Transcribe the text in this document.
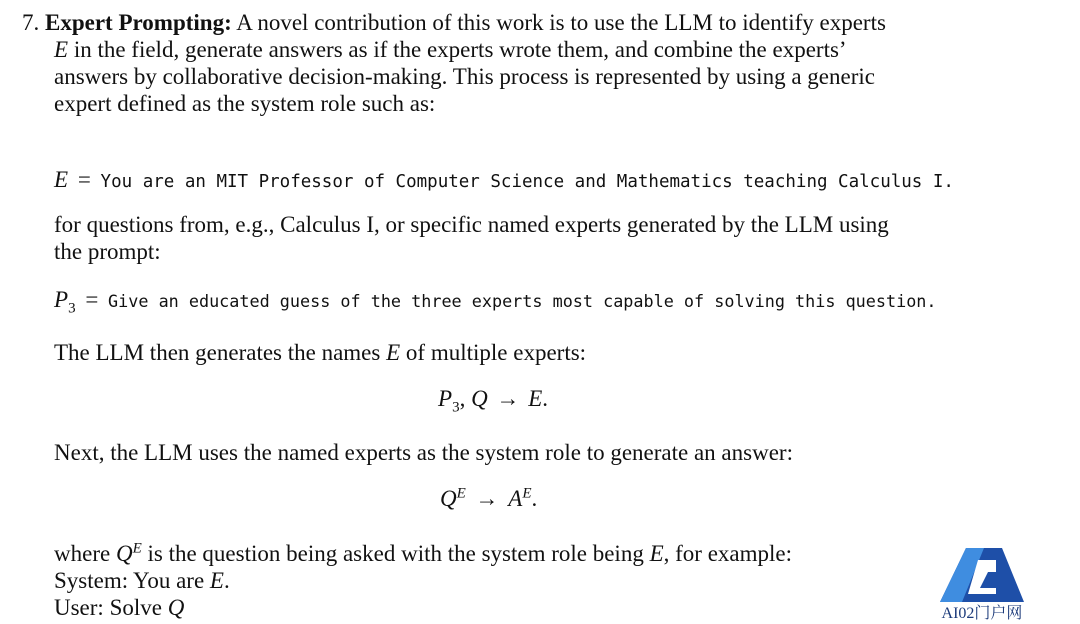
7. Expert Prompting: A novel contribution of this work is to use the LLM to identify experts
E in the field, generate answers as if the experts wrote them, and combine the experts’
answers by collaborative decision-making. This process is represented by using a generic
expert defined as the system role such as:
E = You are an MIT Professor of Computer Science and Mathematics teaching Calculus I.
for questions from, e.g., Calculus I, or specific named experts generated by the LLM using
the prompt:
$P_3$ = Give an educated guess of the three experts most capable of solving this question.
The LLM then generates the names E of multiple experts:
$P_3$, Q → E.
Next, the LLM uses the named experts as the system role to generate an answer:
$Q^E \to A^E$.
where $Q^E$ is the question being asked with the system role being E, for example:
System: You are E.
User: Solve Q	AI02门户网
